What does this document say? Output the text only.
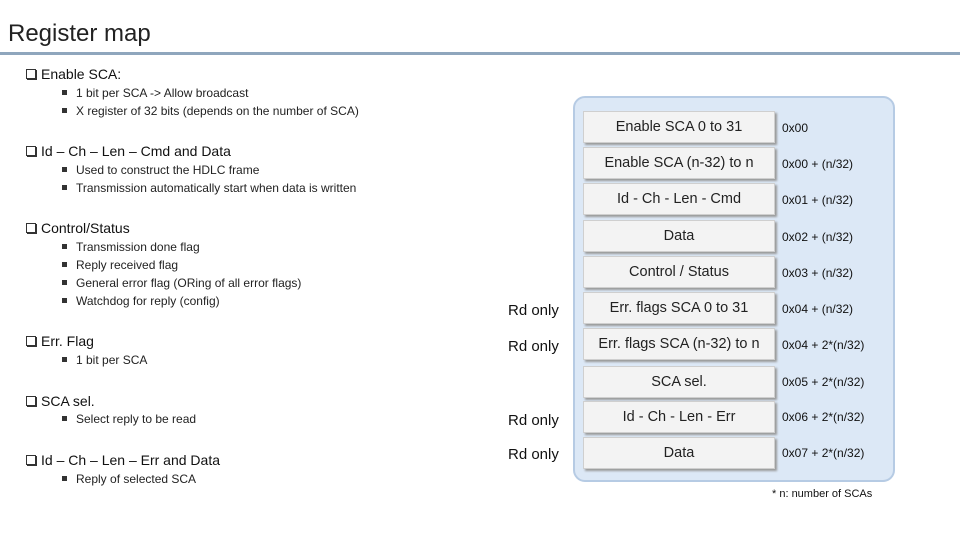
Register map
Enable SCA:
1 bit per SCA -> Allow broadcast
X register of 32 bits (depends on the number of SCA)
Id – Ch – Len – Cmd and Data
Used to construct the HDLC frame
Transmission automatically start when data is written
Control/Status
Transmission done flag
Reply received flag
General error flag (ORing of all error flags)
Watchdog for reply (config)
Err. Flag
1 bit per SCA
SCA sel.
Select reply to be read
Id – Ch – Len – Err and Data
Reply of selected SCA
Enable SCA 0 to 31	0x00
Enable SCA (n-32) to n	0x00 + (n/32)
Id - Ch - Len - Cmd	0x01 + (n/32)
Data	0x02 + (n/32)
Control / Status	0x03 + (n/32)
Rd only	Err. flags SCA 0 to 31	0x04 + (n/32)
Rd only	Err. flags SCA (n-32) to n	0x04 + 2*(n/32)
SCA sel.	0x05 + 2*(n/32)
Rd only	Id - Ch - Len - Err	0x06 + 2*(n/32)
Rd only	Data	0x07 + 2*(n/32)
* n: number of SCAs
